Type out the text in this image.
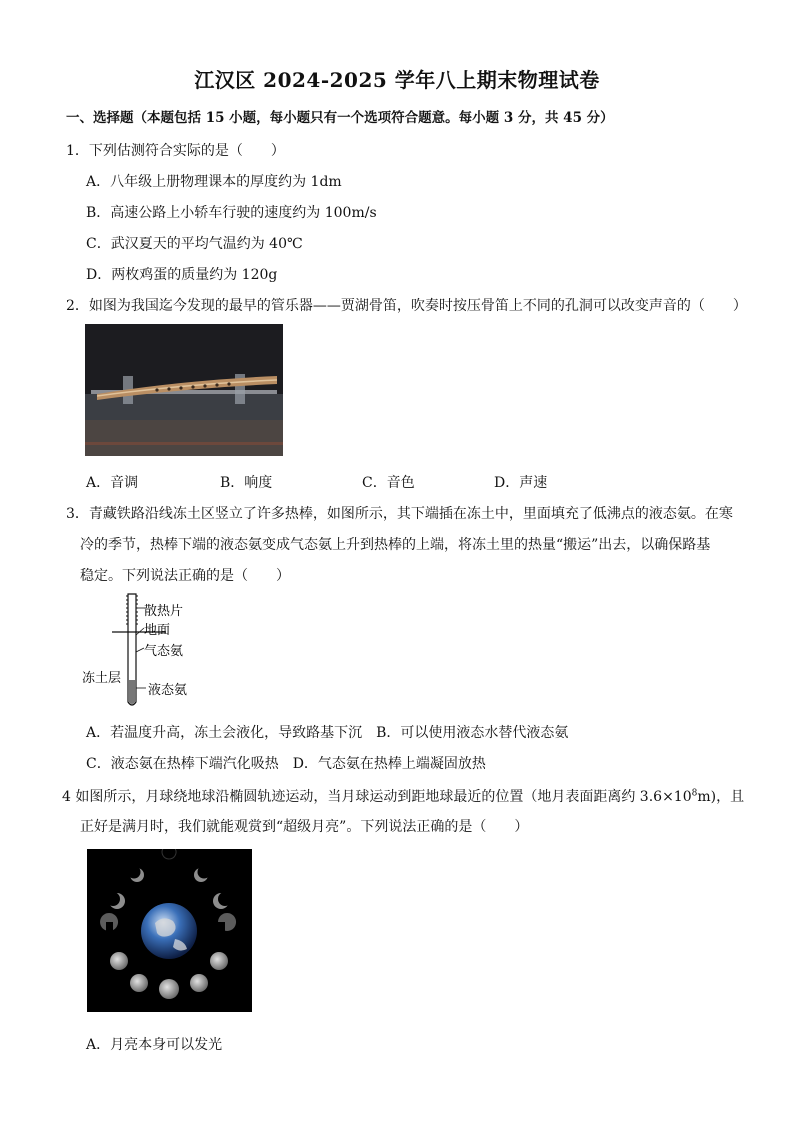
江汉区 2024-2025 学年八上期末物理试卷
一、选择题（本题包括 15 小题，每小题只有一个选项符合题意。每小题 3 分，共 45 分）
1．下列估测符合实际的是（　　）
A．八年级上册物理课本的厚度约为 1dm
B．高速公路上小轿车行驶的速度约为 100m/s
C．武汉夏天的平均气温约为 40℃
D．两枚鸡蛋的质量约为 120g
2．如图为我国迄今发现的最早的管乐器——贾湖骨笛，吹奏时按压骨笛上不同的孔洞可以改变声音的（　　）
A．音调	B．响度	C．音色	D．声速
3．青藏铁路沿线冻土区竖立了许多热棒，如图所示，其下端插在冻土中，里面填充了低沸点的液态氨。在寒
冷的季节，热棒下端的液态氨变成气态氨上升到热棒的上端，将冻土里的热量“搬运”出去，以确保路基
稳定。下列说法正确的是（　　）
散热片
地面
气态氨
冻土层
液态氨
A．若温度升高，冻土会液化，导致路基下沉　B．可以使用液态水替代液态氨
C．液态氨在热棒下端汽化吸热　D．气态氨在热棒上端凝固放热
4 如图所示，月球绕地球沿椭圆轨迹运动，当月球运动到距地球最近的位置（地月表面距离约 $3.6\times 10^8m$)，且
正好是满月时，我们就能观赏到“超级月亮”。下列说法正确的是（　　）
A．月亮本身可以发光
